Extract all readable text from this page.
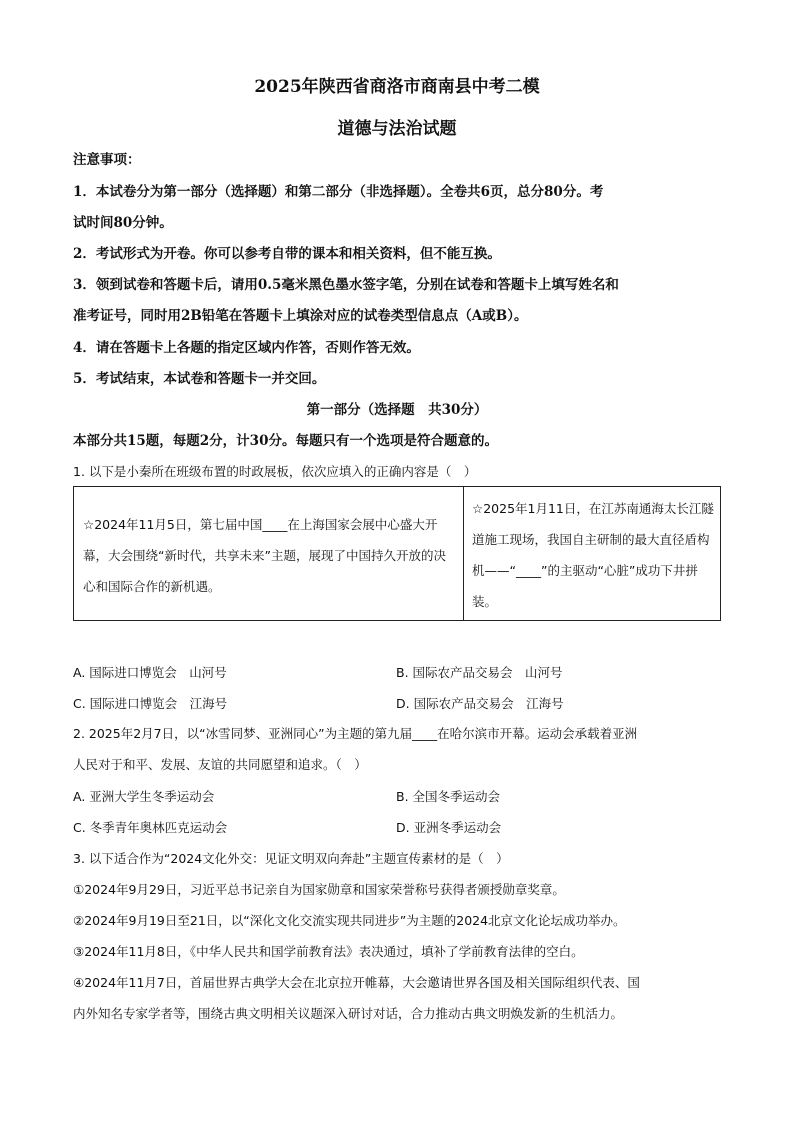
2025年陕西省商洛市商南县中考二模
道德与法治试题
注意事项：
1．本试卷分为第一部分（选择题）和第二部分（非选择题）。全卷共6页，总分80分。考
试时间80分钟。
2．考试形式为开卷。你可以参考自带的课本和相关资料，但不能互换。
3．领到试卷和答题卡后，请用0.5毫米黑色墨水签字笔，分别在试卷和答题卡上填写姓名和
准考证号，同时用2B铅笔在答题卡上填涂对应的试卷类型信息点（A或B）。
4．请在答题卡上各题的指定区域内作答，否则作答无效。
5．考试结束，本试卷和答题卡一并交回。
第一部分（选择题　共30分）
本部分共15题，每题2分，计30分。每题只有一个选项是符合题意的。
1. 以下是小秦所在班级布置的时政展板，依次应填入的正确内容是（　）
☆2024年11月5日，第七届中国____在上海国家会展中心盛大开幕，大会围绕“新时代，共享未来”主题，展现了中国持久开放的决心和国际合作的新机遇。
☆2025年1月11日，在江苏南通海太长江隧道施工现场，我国自主研制的最大直径盾构机——“____”的主驱动“心脏”成功下井拼装。
A. 国际进口博览会　山河号	B. 国际农产品交易会　山河号
C. 国际进口博览会　江海号	D. 国际农产品交易会　江海号
2. 2025年2月7日，以“冰雪同梦、亚洲同心”为主题的第九届____在哈尔滨市开幕。运动会承载着亚洲
人民对于和平、发展、友谊的共同愿望和追求。（　）
A. 亚洲大学生冬季运动会	B. 全国冬季运动会
C. 冬季青年奥林匹克运动会	D. 亚洲冬季运动会
3. 以下适合作为“2024文化外交：见证文明双向奔赴”主题宣传素材的是（　）
①2024年9月29日，习近平总书记亲自为国家勋章和国家荣誉称号获得者颁授勋章奖章。
②2024年9月19日至21日，以“深化文化交流实现共同进步”为主题的2024北京文化论坛成功举办。
③2024年11月8日，《中华人民共和国学前教育法》表决通过，填补了学前教育法律的空白。
④2024年11月7日，首届世界古典学大会在北京拉开帷幕，大会邀请世界各国及相关国际组织代表、国
内外知名专家学者等，围绕古典文明相关议题深入研讨对话，合力推动古典文明焕发新的生机活力。
